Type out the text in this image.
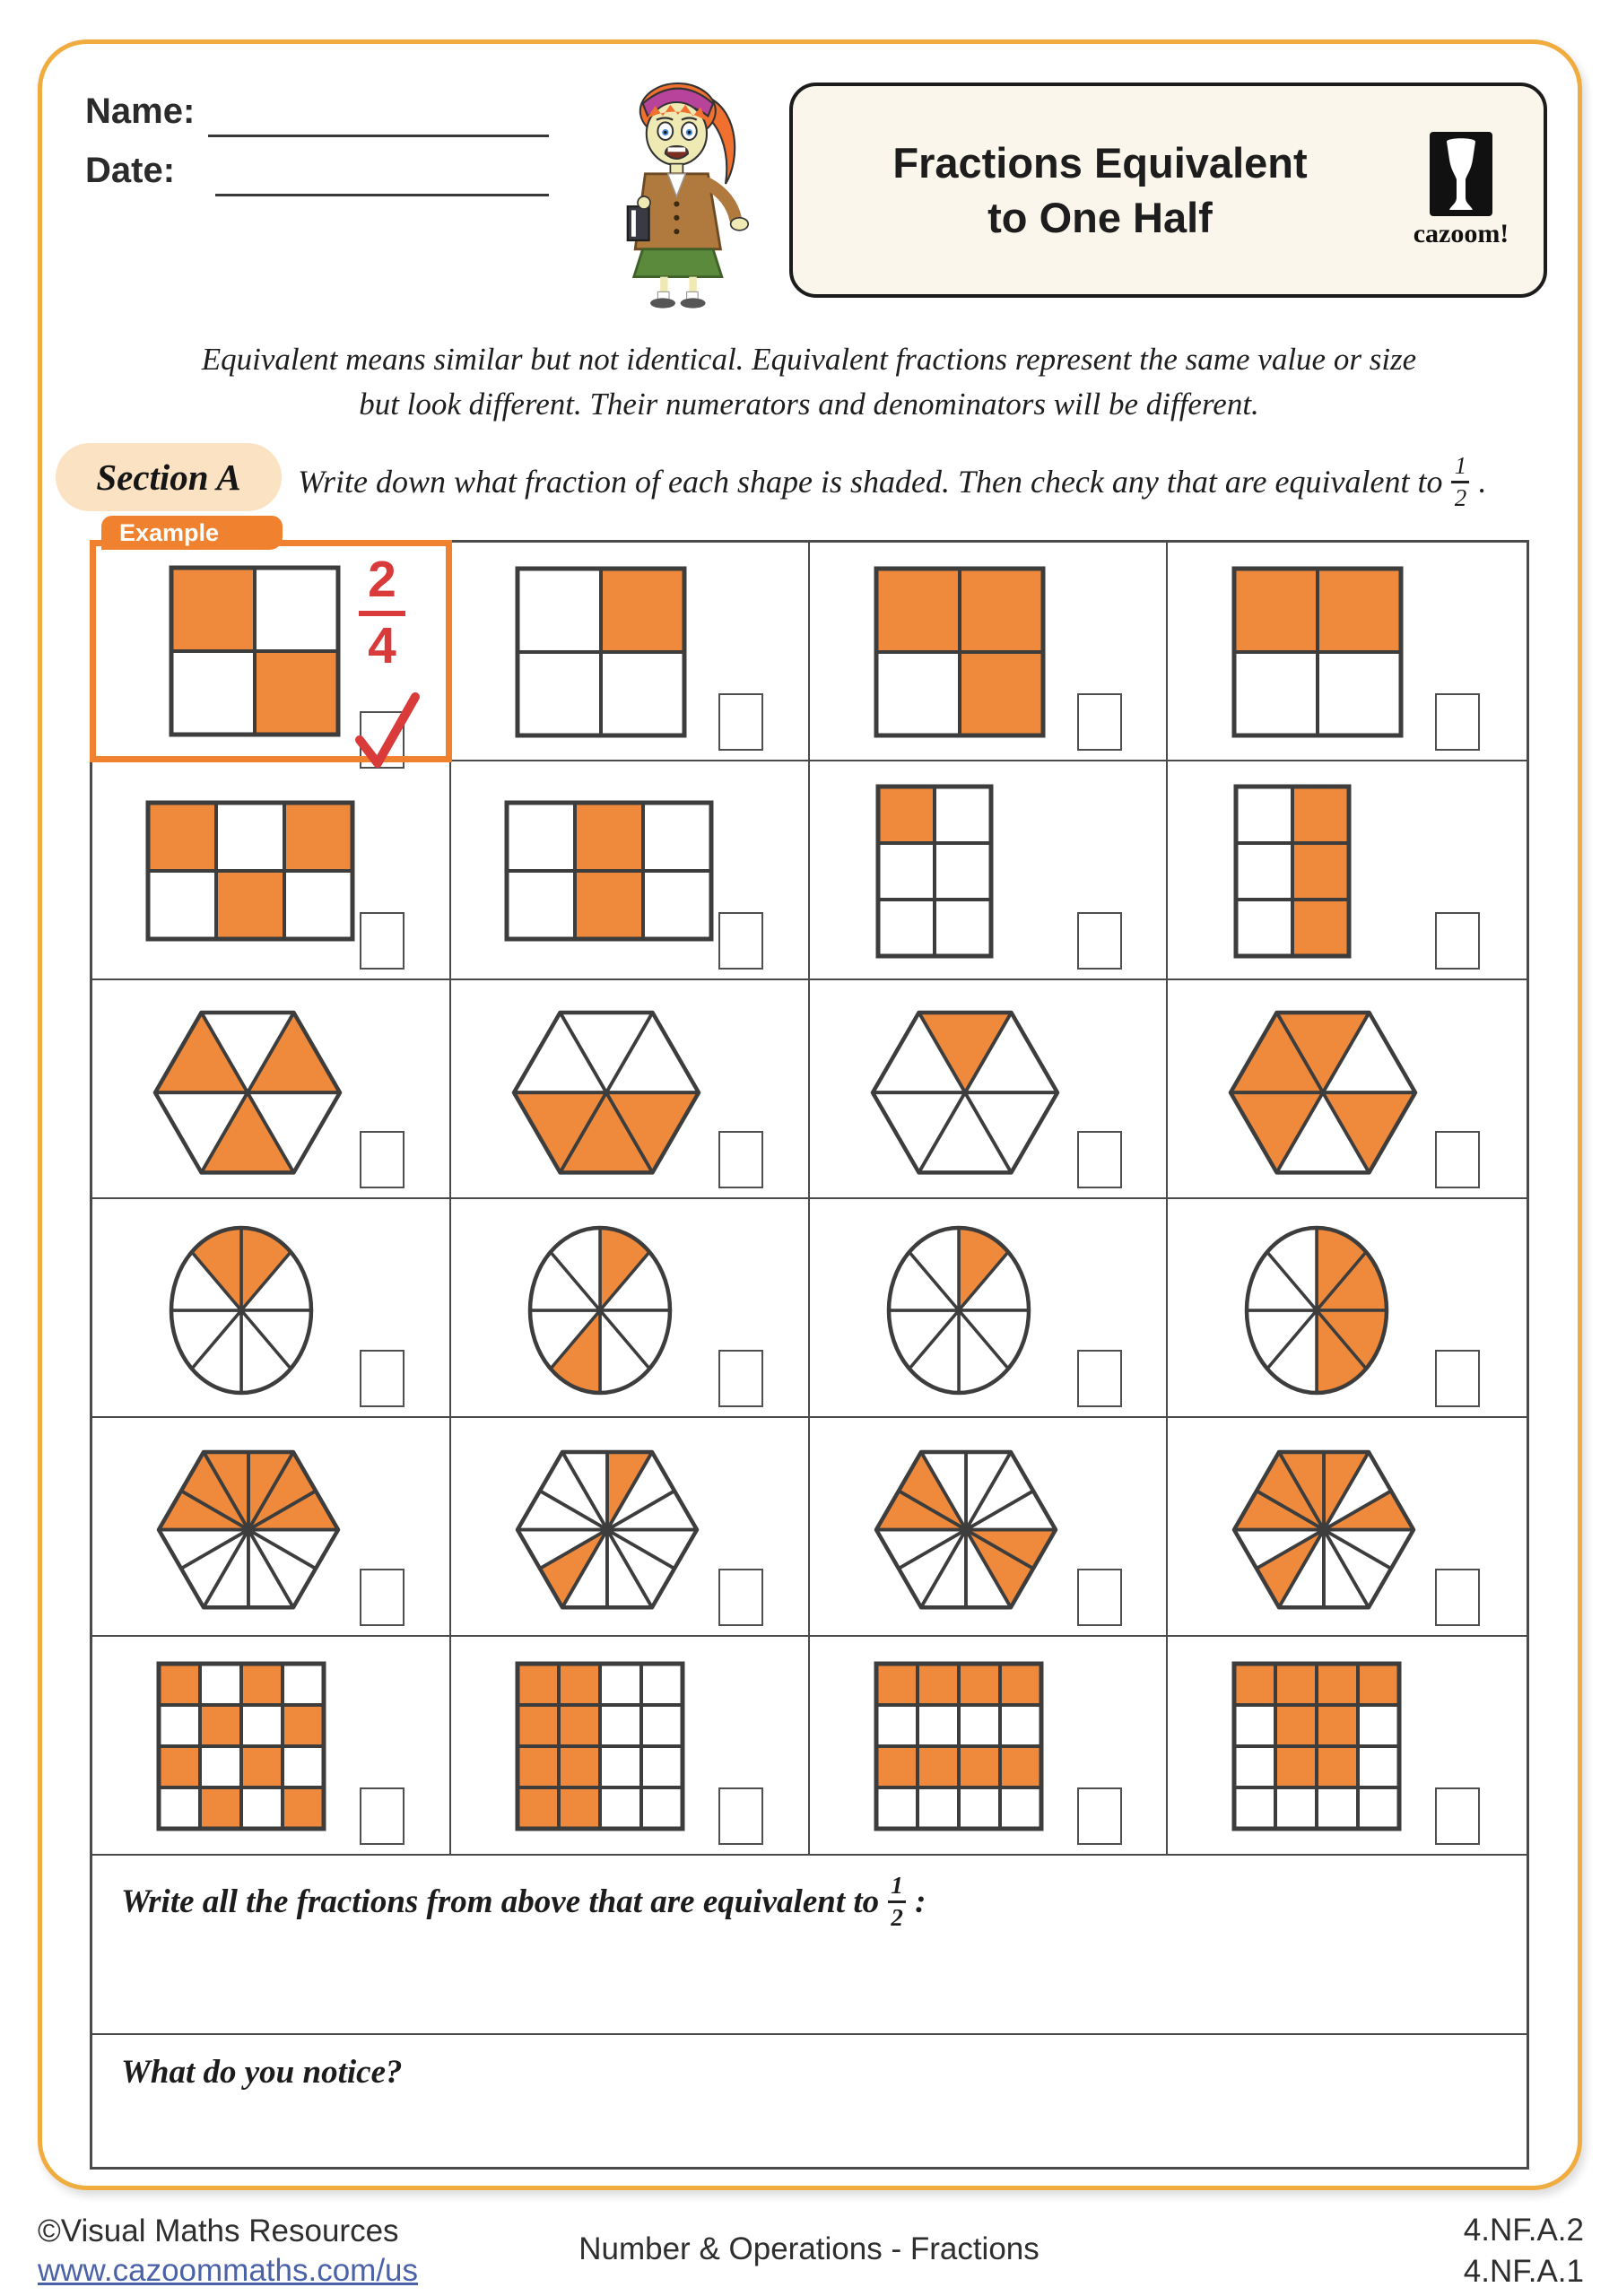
Name:
Date:	Fractions Equivalent
to One Half	cazoom!
Equivalent means similar but not identical. Equivalent fractions represent the same value or size
but look different. Their numerators and denominators will be different.
Section A Write down what fraction of each shape is shaded. Then check any that are equivalent to $\frac{1}{2}$ .
Example
2
4
Write all the fractions from above that are equivalent to $\frac{1}{2}$ :
What do you notice?
©Visual Maths Resources
www.cazoommaths.com/us
Number & Operations - Fractions
4.NF.A.2
4.NF.A.1
